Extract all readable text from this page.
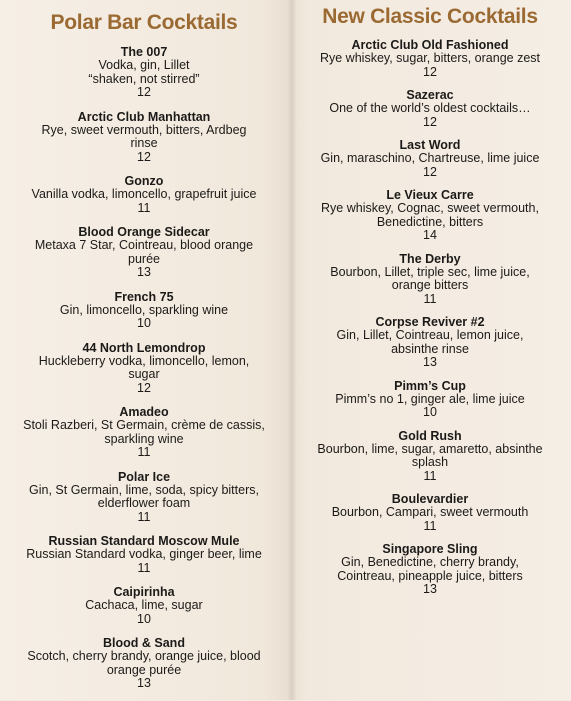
Polar Bar Cocktails
The 007
Vodka, gin, Lillet
“shaken, not stirred”
12
Arctic Club Manhattan
Rye, sweet vermouth, bitters, Ardbeg
rinse
12
Gonzo
Vanilla vodka, limoncello, grapefruit juice
11
Blood Orange Sidecar
Metaxa 7 Star, Cointreau, blood orange
purée
13
French 75
Gin, limoncello, sparkling wine
10
44 North Lemondrop
Huckleberry vodka, limoncello, lemon,
sugar
12
Amadeo
Stoli Razberi, St Germain, crème de cassis,
sparkling wine
11
Polar Ice
Gin, St Germain, lime, soda, spicy bitters,
elderflower foam
11
Russian Standard Moscow Mule
Russian Standard vodka, ginger beer, lime
11
Caipirinha
Cachaca, lime, sugar
10
Blood & Sand
Scotch, cherry brandy, orange juice, blood
orange purée
13
New Classic Cocktails
Arctic Club Old Fashioned
Rye whiskey, sugar, bitters, orange zest
12
Sazerac
One of the world’s oldest cocktails…
12
Last Word
Gin, maraschino, Chartreuse, lime juice
12
Le Vieux Carre
Rye whiskey, Cognac, sweet vermouth,
Benedictine, bitters
14
The Derby
Bourbon, Lillet, triple sec, lime juice,
orange bitters
11
Corpse Reviver #2
Gin, Lillet, Cointreau, lemon juice,
absinthe rinse
13
Pimm’s Cup
Pimm’s no 1, ginger ale, lime juice
10
Gold Rush
Bourbon, lime, sugar, amaretto, absinthe
splash
11
Boulevardier
Bourbon, Campari, sweet vermouth
11
Singapore Sling
Gin, Benedictine, cherry brandy,
Cointreau, pineapple juice, bitters
13
